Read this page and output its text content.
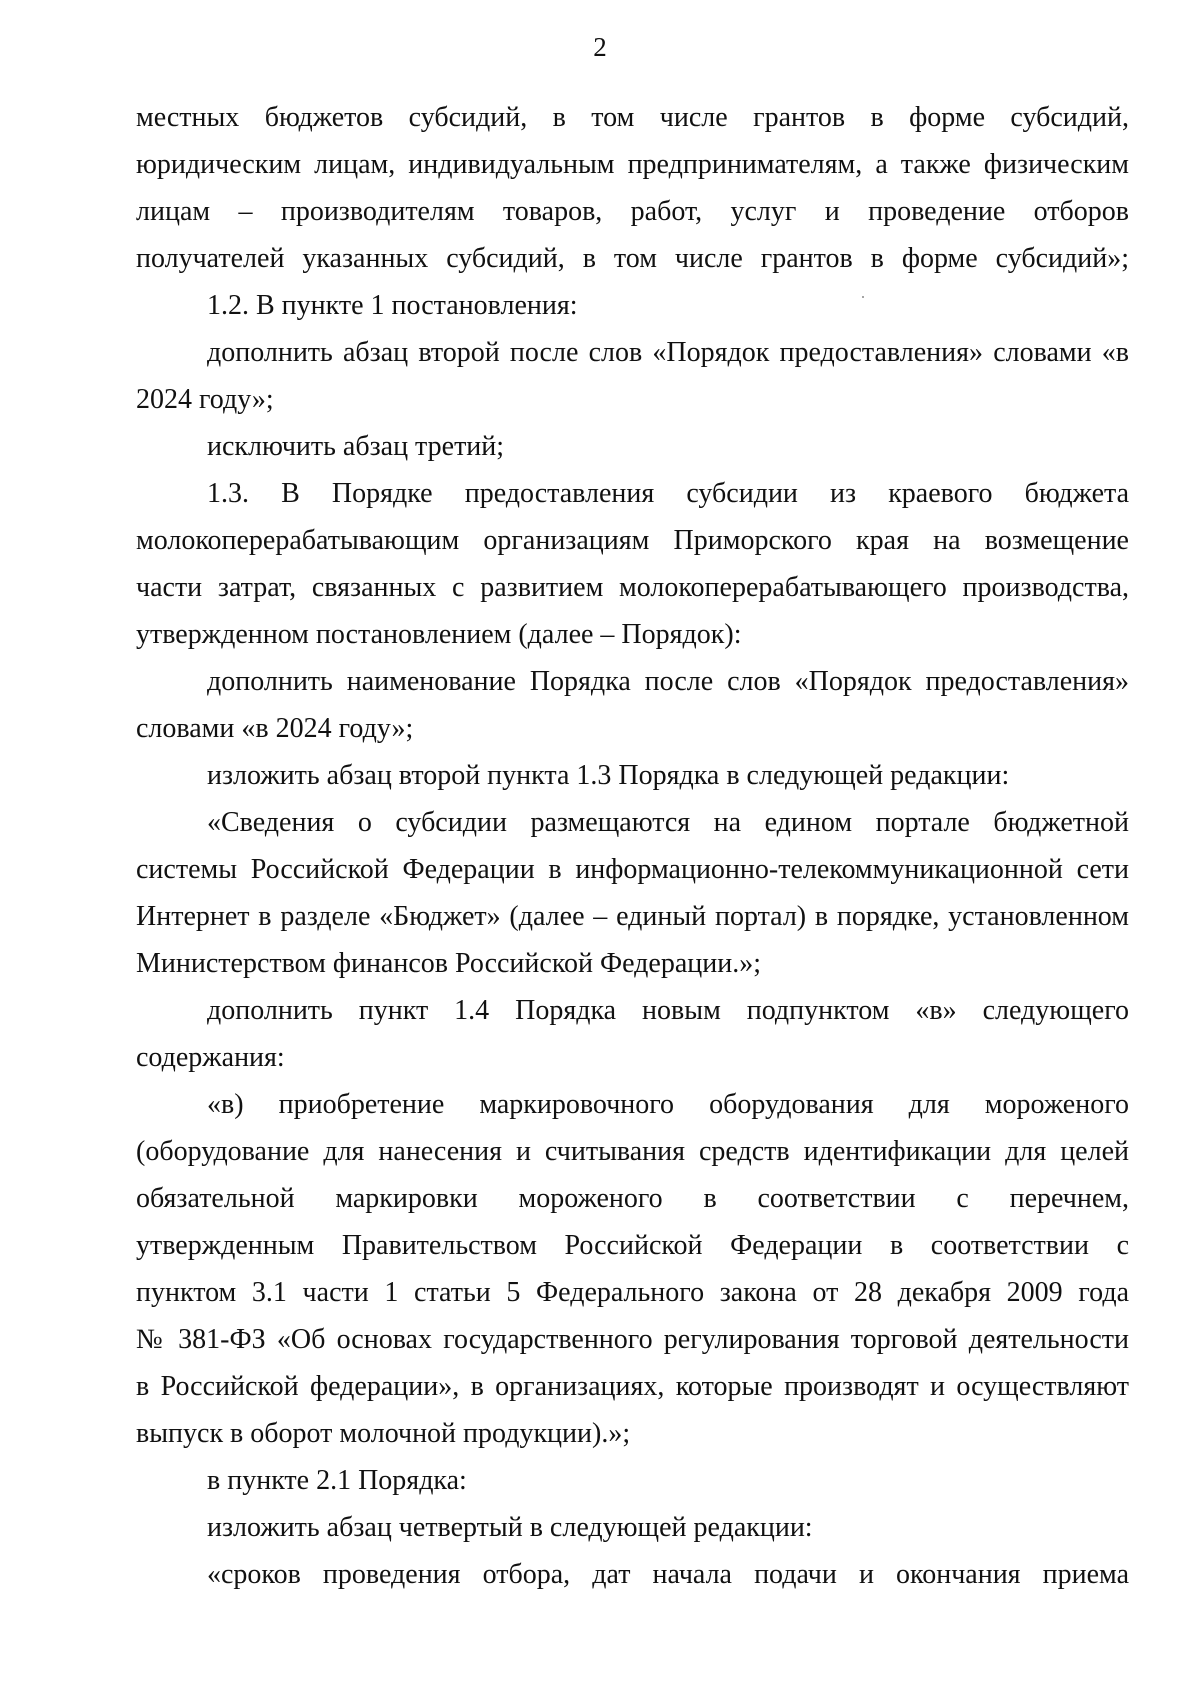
2
местных бюджетов субсидий, в том числе грантов в форме субсидий,
юридическим лицам, индивидуальным предпринимателям, а также физическим
лицам – производителям товаров, работ, услуг и проведение отборов
получателей указанных субсидий, в том числе грантов в форме субсидий»;
1.2. В пункте 1 постановления:
дополнить абзац второй после слов «Порядок предоставления» словами «в
2024 году»;
исключить абзац третий;
1.3. В Порядке предоставления субсидии из краевого бюджета
молокоперерабатывающим организациям Приморского края на возмещение
части затрат, связанных с развитием молокоперерабатывающего производства,
утвержденном постановлением (далее – Порядок):
дополнить наименование Порядка после слов «Порядок предоставления»
словами «в 2024 году»;
изложить абзац второй пункта 1.3 Порядка в следующей редакции:
«Сведения о субсидии размещаются на едином портале бюджетной
системы Российской Федерации в информационно-телекоммуникационной сети
Интернет в разделе «Бюджет» (далее – единый портал) в порядке, установленном
Министерством финансов Российской Федерации.»;
дополнить пункт 1.4 Порядка новым подпунктом «в» следующего
содержания:
«в) приобретение маркировочного оборудования для мороженого
(оборудование для нанесения и считывания средств идентификации для целей
обязательной маркировки мороженого в соответствии с перечнем,
утвержденным Правительством Российской Федерации в соответствии с
пунктом 3.1 части 1 статьи 5 Федерального закона от 28 декабря 2009 года
№ 381-ФЗ «Об основах государственного регулирования торговой деятельности
в Российской федерации», в организациях, которые производят и осуществляют
выпуск в оборот молочной продукции).»;
в пункте 2.1 Порядка:
изложить абзац четвертый в следующей редакции:
«сроков проведения отбора, дат начала подачи и окончания приема
